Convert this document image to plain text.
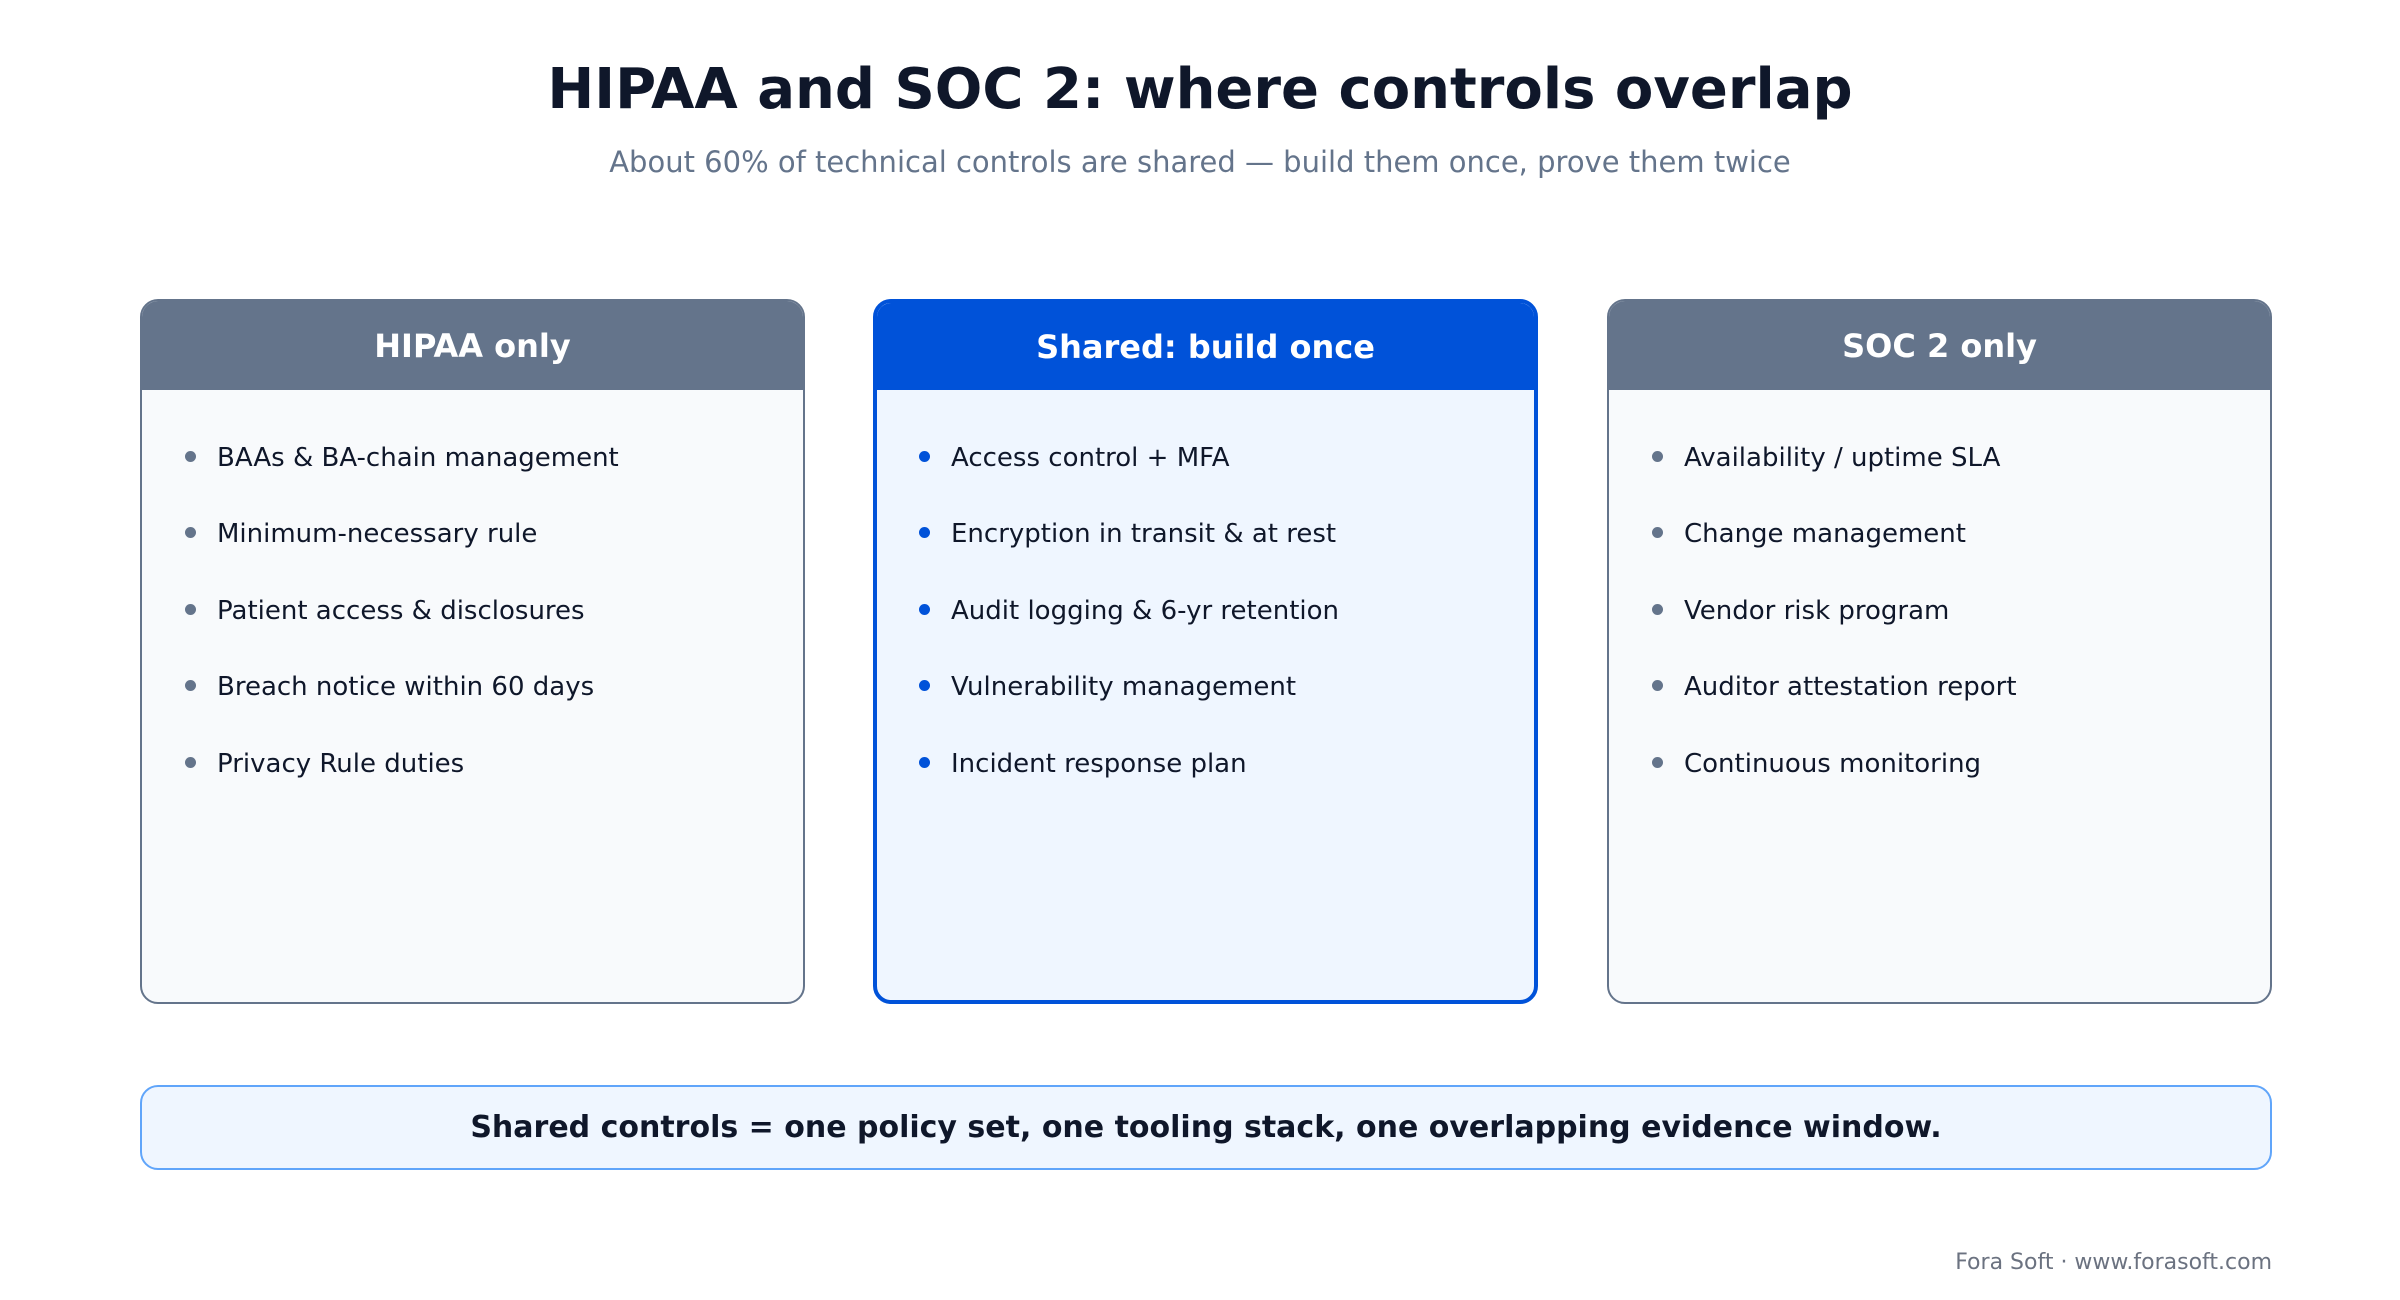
HIPAA and SOC 2: where controls overlap
About 60% of technical controls are shared — build them once, prove them twice
HIPAA only
BAAs & BA-chain management
Minimum-necessary rule
Patient access & disclosures
Breach notice within 60 days
Privacy Rule duties
Shared: build once
Access control + MFA
Encryption in transit & at rest
Audit logging & 6-yr retention
Vulnerability management
Incident response plan
SOC 2 only
Availability / uptime SLA
Change management
Vendor risk program
Auditor attestation report
Continuous monitoring
Shared controls = one policy set, one tooling stack, one overlapping evidence window.
Fora Soft · www.forasoft.com
